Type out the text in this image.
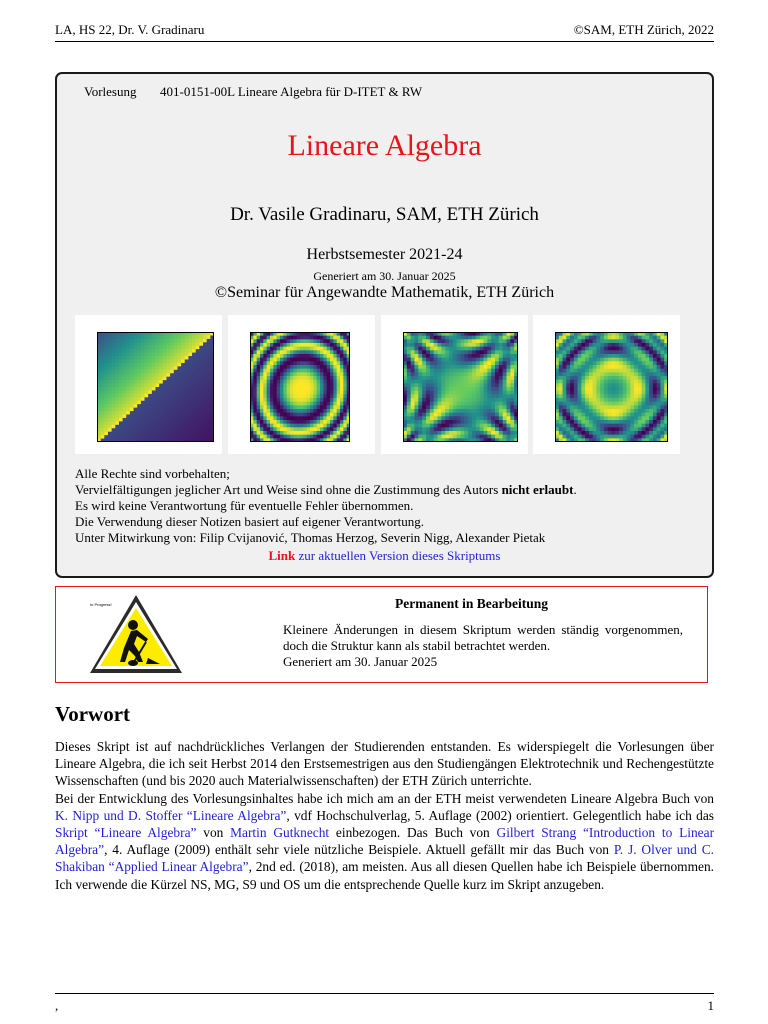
LA, HS 22, Dr. V. Gradinaru	©SAM, ETH Zürich, 2022
Vorlesung 401-0151-00L Lineare Algebra für D-ITET & RW
Lineare Algebra
Dr. Vasile Gradinaru, SAM, ETH Zürich
Herbstsemester 2021-24
Generiert am 30. Januar 2025
©Seminar für Angewandte Mathematik, ETH Zürich
Alle Rechte sind vorbehalten;
Vervielfältigungen jeglicher Art und Weise sind ohne die Zustimmung des Autors nicht erlaubt.
Es wird keine Verantwortung für eventuelle Fehler übernommen.
Die Verwendung dieser Notizen basiert auf eigener Verantwortung.
Unter Mitwirkung von: Filip Cvijanović, Thomas Herzog, Severin Nigg, Alexander Pietak
Link zur aktuellen Version dieses Skriptums
In Progress!	Permanent in Bearbeitung
Kleinere Änderungen in diesem Skriptum werden ständig vorgenommen, doch die Struktur kann als stabil betrachtet werden.
Generiert am 30. Januar 2025
Vorwort
Dieses Skript ist auf nachdrückliches Verlangen der Studierenden entstanden. Es widerspiegelt die Vorlesungen über Lineare Algebra, die ich seit Herbst 2014 den Erstsemestrigen aus den Studiengängen Elektrotechnik und Rechengestützte Wissenschaften (und bis 2020 auch Materialwissenschaften) der ETH Zürich unterrichte.
Bei der Entwicklung des Vorlesungsinhaltes habe ich mich am an der ETH meist verwendeten Lineare Algebra Buch von K. Nipp und D. Stoffer “Lineare Algebra”, vdf Hochschulverlag, 5. Auflage (2002) orientiert. Gelegentlich habe ich das Skript “Lineare Algebra” von Martin Gutknecht einbezogen. Das Buch von Gilbert Strang “Introduction to Linear Algebra”, 4. Auflage (2009) enthält sehr viele nützliche Beispiele. Aktuell gefällt mir das Buch von P. J. Olver und C. Shakiban “Applied Linear Algebra”, 2nd ed. (2018), am meisten. Aus all diesen Quellen habe ich Beispiele übernommen. Ich verwende die Kürzel NS, MG, S9 und OS um die entsprechende Quelle kurz im Skript anzugeben.
,	1
